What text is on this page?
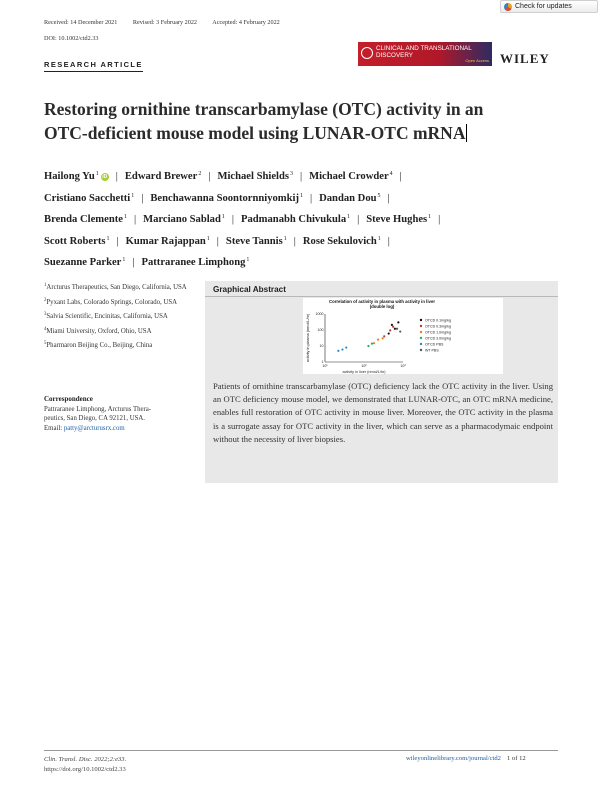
Check for updates
Received: 14 December 2021	Revised: 3 February 2022 Accepted: 4 February 2022
DOI: 10.1002/ctd2.33
RESEARCH ARTICLE
CLINICAL AND TRANSLATIONAL
DISCOVERY
Open Access WILEY
Restoring ornithine transcarbamylase (OTC) activity in an
OTC-deficient mouse model using LUNAR-OTC mRNA
Hailong Yu$^1$ iD | Edward Brewer$^2$ | Michael Shields$^3$ | Michael Crowder$^4$ |
Cristiano Sacchetti$^1$ | Benchawanna Soontornniyomkij$^1$ | Dandan Dou$^5$ |
Brenda Clemente$^1$ | Marciano Sablad$^1$ | Padmanabh Chivukula$^1$ | Steve Hughes$^1$ |
Scott Roberts$^1$ | Kumar Rajappan$^1$ | Steve Tannis$^1$ | Rose Sekulovich$^1$ |
Suezanne Parker$^1$ | Pattraranee Limphong$^1$
$^1$Arcturus Therapeutics, San Diego, California, USA
$^2$Pyxant Labs, Colorado Springs, Colorado, USA
$^3$Salvia Scientific, Encinitas, California, USA
$^4$Miami University, Oxford, Ohio, USA
$^5$Pharmaron Beijing Co., Beijing, China
Correspondence
Pattraranee Limphong, Arcturus Thera-
peutics, San Diego, CA 92121, USA.
Email: patty@arcturusrx.com
Graphical Abstract
Correlation of activity in plasma with activity in liver
(double log)
10¹	10²	10³
1
10
100
1000
activity in liver (nmol/L/hr)
activity in plasma (nmol/L/hr)	OTCD 0.1mg/kg
OTCD 0.3mg/kg
OTCD 1.0mg/kg
OTCD 3.0mg/kg
OTCD PBS
WT PBS
Patients of ornithine transcarbamylase (OTC) deficiency lack the OTC activity in the liver. Using an OTC deficiency mouse model, we demonstrated that LUNAR-OTC, an OTC mRNA medicine, enables full restoration of OTC activity in mouse liver. Moreover, the OTC activity in the plasma is a surrogate assay for OTC activity in the liver, which can serve as a pharmacodymaic endpoint without the necessity of liver biopsies.
Clin. Transl. Disc. 2022;2:e33.
https://doi.org/10.1002/ctd2.33
wileyonlinelibrary.com/journal/ctd2 1 of 12
